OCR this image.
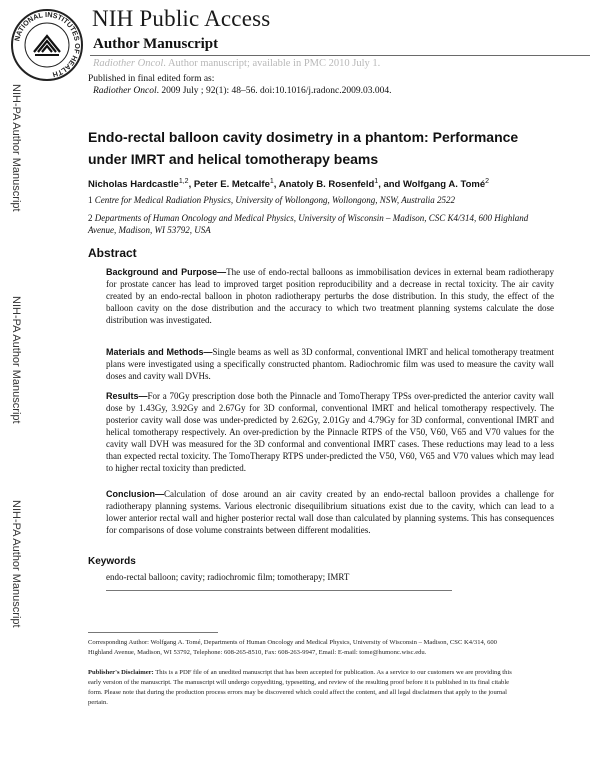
NATIONAL INSTITUTES OF HEALTH
NIH Public Access
Author Manuscript
Radiother Oncol. Author manuscript; available in PMC 2010 July 1.
Published in final edited form as:
Radiother Oncol. 2009 July ; 92(1): 48–56. doi:10.1016/j.radonc.2009.03.004.
NIH-PA Author Manuscript
NIH-PA Author Manuscript
NIH-PA Author Manuscript
Endo-rectal balloon cavity dosimetry in a phantom: Performance under IMRT and helical tomotherapy beams
Nicholas Hardcastle$^{1,2}$, Peter E. Metcalfe$^1$, Anatoly B. Rosenfeld$^1$, and Wolfgang A. Tomé$^2$
1 Centre for Medical Radiation Physics, University of Wollongong, Wollongong, NSW, Australia 2522
2 Departments of Human Oncology and Medical Physics, University of Wisconsin – Madison, CSC K4/314, 600 Highland Avenue, Madison, WI 53792, USA
Abstract
Background and Purpose—The use of endo-rectal balloons as immobilisation devices in external beam radiotherapy for prostate cancer has lead to improved target position reproducibility and a decrease in rectal toxicity. The air cavity created by an endo-rectal balloon in photon radiotherapy perturbs the dose distribution. In this study, the effect of the balloon cavity on the dose distribution and the accuracy to which two treatment planning systems calculate the dose distribution was investigated.
Materials and Methods—Single beams as well as 3D conformal, conventional IMRT and helical tomotherapy treatment plans were investigated using a specifically constructed phantom. Radiochromic film was used to measure the cavity wall doses and cavity wall DVHs.
Results—For a 70Gy prescription dose both the Pinnacle and TomoTherapy TPSs over-predicted the anterior cavity wall dose by 1.43Gy, 3.92Gy and 2.67Gy for 3D conformal, conventional IMRT and helical tomotherapy respectively. The posterior cavity wall dose was under-predicted by 2.62Gy, 2.01Gy and 4.79Gy for 3D conformal, conventional IMRT and helical tomotherapy respectively. An over-prediction by the Pinnacle RTPS of the V50, V60, V65 and V70 values for the cavity wall DVH was measured for the 3D conformal and conventional IMRT cases. These reductions may lead to a less than expected rectal toxicity. The TomoTherapy RTPS under-predicted the V50, V60, V65 and V70 values which may lead to higher rectal toxicity than predicted.
Conclusion—Calculation of dose around an air cavity created by an endo-rectal balloon provides a challenge for radiotherapy planning systems. Various electronic disequilibrium situations exist due to the cavity, which can lead to a lower anterior rectal wall and higher posterior rectal wall dose than calculated by planning systems. This has consequences for comparisons of dose volume constraints between different modalities.
Keywords
endo-rectal balloon; cavity; radiochromic film; tomotherapy; IMRT
Corresponding Author: Wolfgang A. Tomé, Departments of Human Oncology and Medical Physics, University of Wisconsin – Madison, CSC K4/314, 600 Highland Avenue, Madison, WI 53792, Telephone: 608-265-8510, Fax: 608-263-9947, Email: E-mail: tome@humonc.wisc.edu.
Publisher's Disclaimer: This is a PDF file of an unedited manuscript that has been accepted for publication. As a service to our customers we are providing this early version of the manuscript. The manuscript will undergo copyediting, typesetting, and review of the resulting proof before it is published in its final citable form. Please note that during the production process errors may be discovered which could affect the content, and all legal disclaimers that apply to the journal pertain.
